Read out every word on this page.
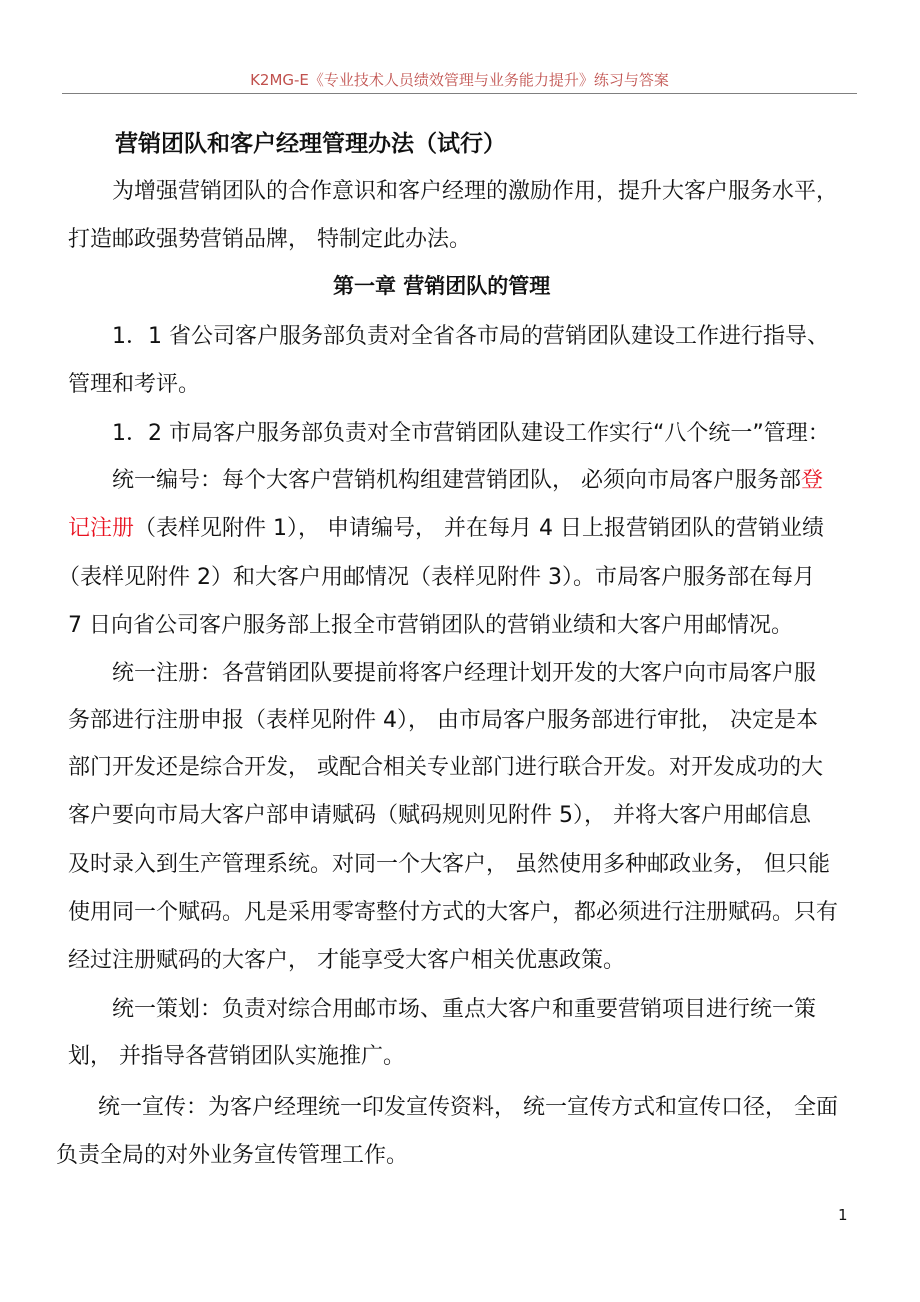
K2MG-E《专业技术人员绩效管理与业务能力提升》练习与答案
营销团队和客户经理管理办法（试行）
为增强营销团队的合作意识和客户经理的激励作用，提升大客户服务水平，
打造邮政强势营销品牌， 特制定此办法。
第一章 营销团队的管理
1．1 省公司客户服务部负责对全省各市局的营销团队建设工作进行指导、
管理和考评。
1．2 市局客户服务部负责对全市营销团队建设工作实行“八个统一”管理：
统一编号：每个大客户营销机构组建营销团队， 必须向市局客户服务部登
记注册（表样见附件 1）， 申请编号， 并在每月 4 日上报营销团队的营销业绩
（表样见附件 2）和大客户用邮情况（表样见附件 3）。市局客户服务部在每月
7 日向省公司客户服务部上报全市营销团队的营销业绩和大客户用邮情况。
统一注册：各营销团队要提前将客户经理计划开发的大客户向市局客户服
务部进行注册申报（表样见附件 4）， 由市局客户服务部进行审批， 决定是本
部门开发还是综合开发， 或配合相关专业部门进行联合开发。对开发成功的大
客户要向市局大客户部申请赋码（赋码规则见附件 5）， 并将大客户用邮信息
及时录入到生产管理系统。对同一个大客户， 虽然使用多种邮政业务， 但只能
使用同一个赋码。凡是采用零寄整付方式的大客户，都必须进行注册赋码。只有
经过注册赋码的大客户， 才能享受大客户相关优惠政策。
统一策划：负责对综合用邮市场、重点大客户和重要营销项目进行统一策
划， 并指导各营销团队实施推广。
统一宣传：为客户经理统一印发宣传资料， 统一宣传方式和宣传口径， 全面
负责全局的对外业务宣传管理工作。
1
